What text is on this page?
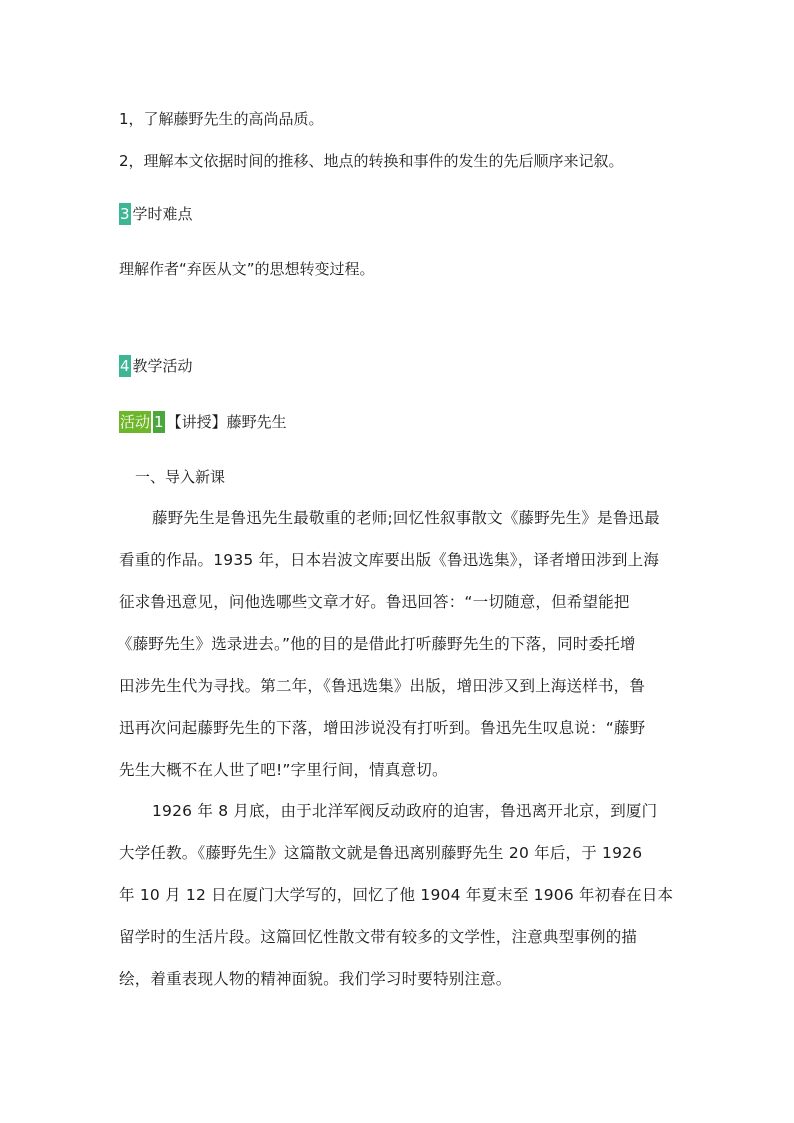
1，了解藤野先生的高尚品质。
2，理解本文依据时间的推移、地点的转换和事件的发生的先后顺序来记叙。
3 学时难点
理解作者“弃医从文”的思想转变过程。
4 教学活动
活动 1 【讲授】藤野先生
一、导入新课
藤野先生是鲁迅先生最敬重的老师;回忆性叙事散文《藤野先生》是鲁迅最
看重的作品。1935 年，日本岩波文库要出版《鲁迅选集》，译者增田涉到上海
征求鲁迅意见，问他选哪些文章才好。鲁迅回答：“一切随意，但希望能把
《藤野先生》选录进去。”他的目的是借此打听藤野先生的下落，同时委托增
田涉先生代为寻找。第二年，《鲁迅选集》出版，增田涉又到上海送样书，鲁
迅再次问起藤野先生的下落，增田涉说没有打听到。鲁迅先生叹息说：“藤野
先生大概不在人世了吧!”字里行间，情真意切。
1926 年 8 月底，由于北洋军阀反动政府的迫害，鲁迅离开北京，到厦门
大学任教。《藤野先生》这篇散文就是鲁迅离别藤野先生 20 年后，于 1926
年 10 月 12 日在厦门大学写的，回忆了他 1904 年夏末至 1906 年初春在日本
留学时的生活片段。这篇回忆性散文带有较多的文学性，注意典型事例的描
绘，着重表现人物的精神面貌。我们学习时要特别注意。
